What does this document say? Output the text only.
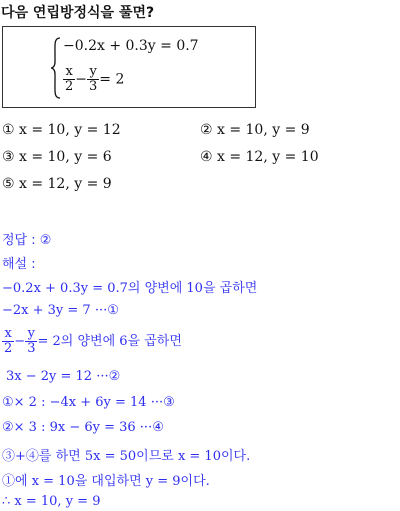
다음 연립방정식을 풀면?
−0.2x + 0.3y = 0.7
$\frac{x}{2} - \frac{y}{3} = 2$
① x = 10, y = 12	② x = 10, y = 9
③ x = 10, y = 6	④ x = 12, y = 10
⑤ x = 12, y = 9
정답 : ②
해설 :
−0.2x + 0.3y = 0.7의 양변에 10을 곱하면
−2x + 3y = 7 ···①
$\frac{x}{2} - \frac{y}{3} = 2$의 양변에 6을 곱하면
3x − 2y = 12 ···②
①× 2 : −4x + 6y = 14 ···③
②× 3 : 9x − 6y = 36 ···④
③+④를 하면 5x = 50이므로 x = 10이다.
①에 x = 10을 대입하면 y = 9이다.
∴ x = 10, y = 9
